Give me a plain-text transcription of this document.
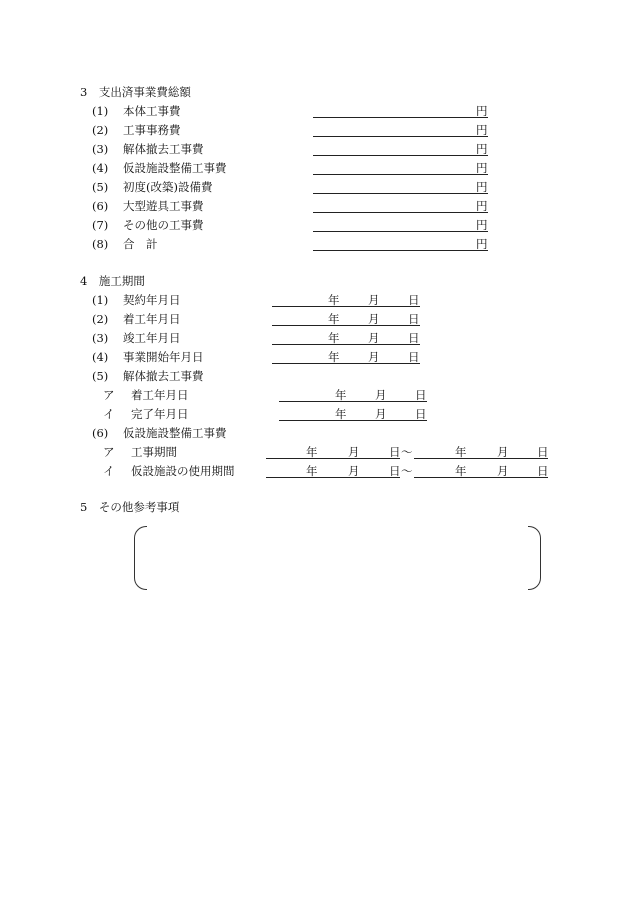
3　支出済事業費総額
(1) 本体工事費	円
(2) 工事事務費	円
(3) 解体撤去工事費	円
(4) 仮設施設整備工事費	円
(5) 初度(改築)設備費	円
(6) 大型遊具工事費	円
(7) その他の工事費	円
(8) 合　計	円
4　施工期間
(1) 契約年月日	年 月 日
(2) 着工年月日	年 月 日
(3) 竣工年月日	年 月 日
(4) 事業開始年月日	年 月 日
(5) 解体撤去工事費
ア 着工年月日	年 月 日
イ 完了年月日	年 月 日
(6) 仮設施設整備工事費
ア 工事期間	年	月	日 ～	年	月 日
イ 仮設施設の使用期間	年	月	日 ～	年	月 日
5　その他参考事項
